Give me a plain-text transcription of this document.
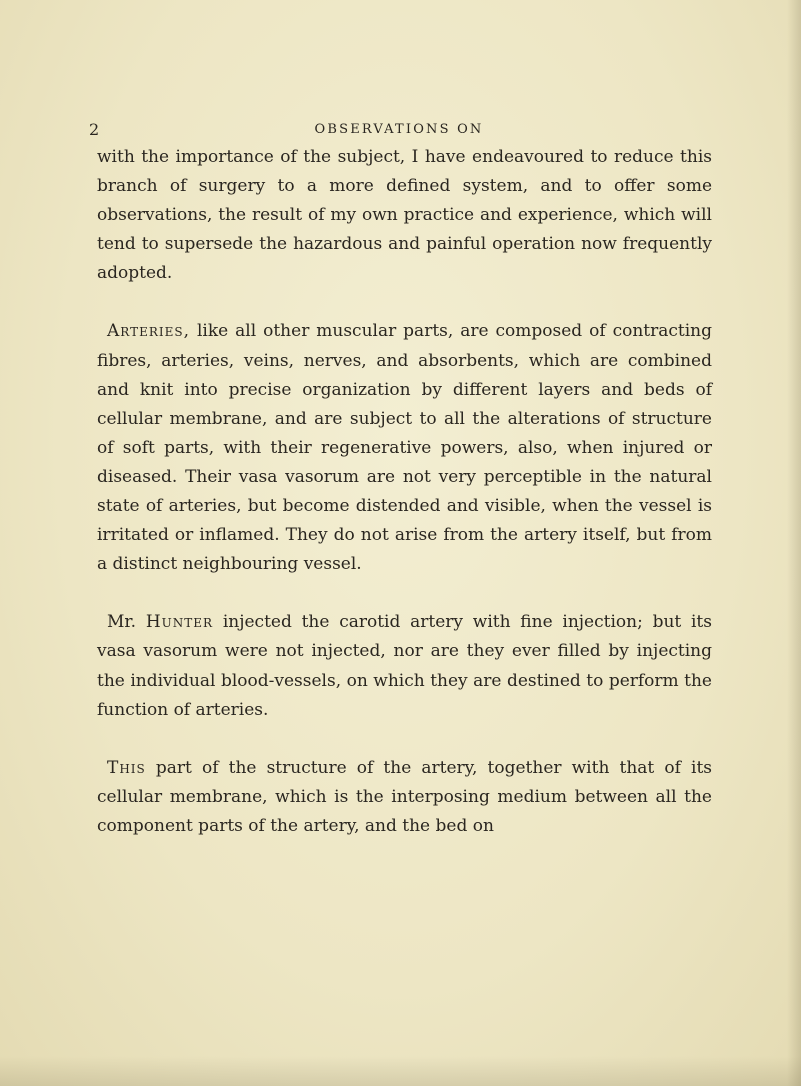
2	OBSERVATIONS ON

with the importance of the subject, I have endeavoured to reduce this branch of surgery to a more defined system, and to offer some observations, the result of my own practice and experience, which will tend to supersede the hazardous and painful operation now frequently adopted.

Arteries, like all other muscular parts, are composed of contracting fibres, arteries, veins, nerves, and absorbents, which are combined and knit into precise organization by different layers and beds of cellular membrane, and are subject to all the alterations of structure of soft parts, with their regenerative powers, also, when injured or diseased. Their vasa vasorum are not very perceptible in the natural state of arteries, but become distended and visible, when the vessel is irritated or inflamed. They do not arise from the artery itself, but from a distinct neighbouring vessel.

Mr. Hunter injected the carotid artery with fine injection; but its vasa vasorum were not injected, nor are they ever filled by injecting the individual blood-vessels, on which they are destined to perform the function of arteries.

This part of the structure of the artery, together with that of its cellular membrane, which is the interposing medium between all the component parts of the artery, and the bed on
